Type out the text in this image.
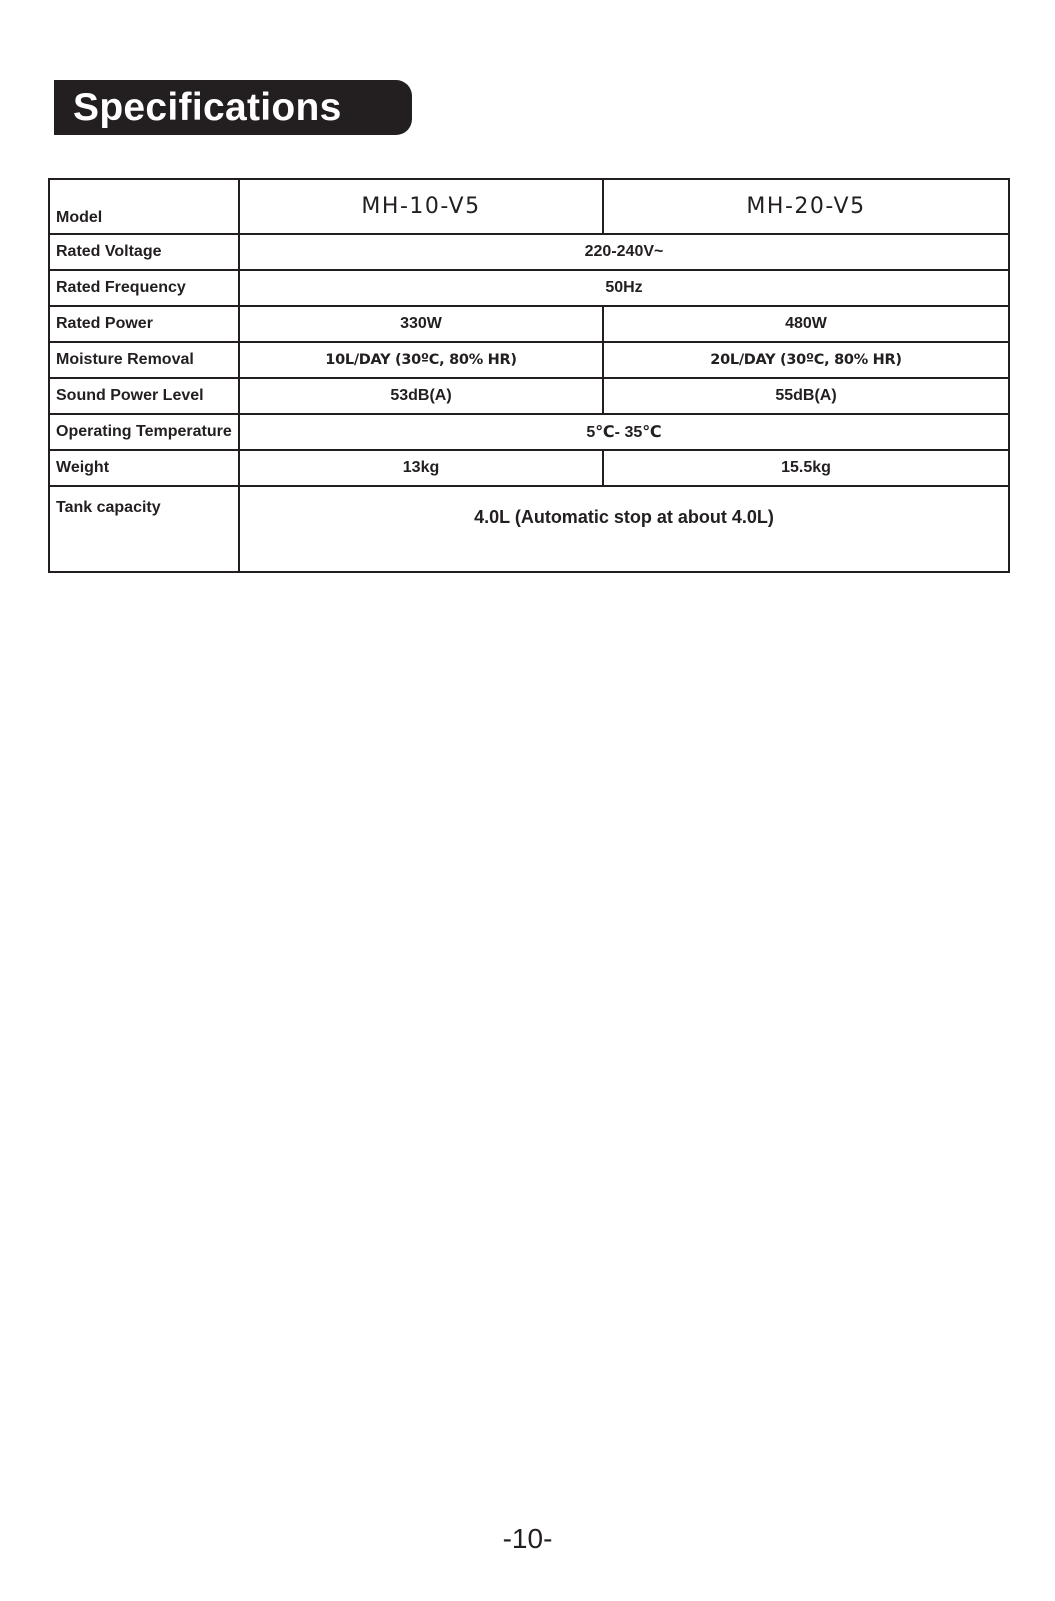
Specifications
Model	MH-10-V5	MH-20-V5
Rated Voltage	220-240V~	
Rated Frequency	50Hz	
Rated Power	330W	480W
Moisture Removal	10L/DAY (30ºC, 80% HR)	20L/DAY (30ºC, 80% HR)
Sound Power Level	53dB(A)	55dB(A)
Operating Temperature	5℃- 35℃	
Weight	13kg	15.5kg
Tank capacity	4.0L (Automatic stop at about 4.0L)	
-10-
